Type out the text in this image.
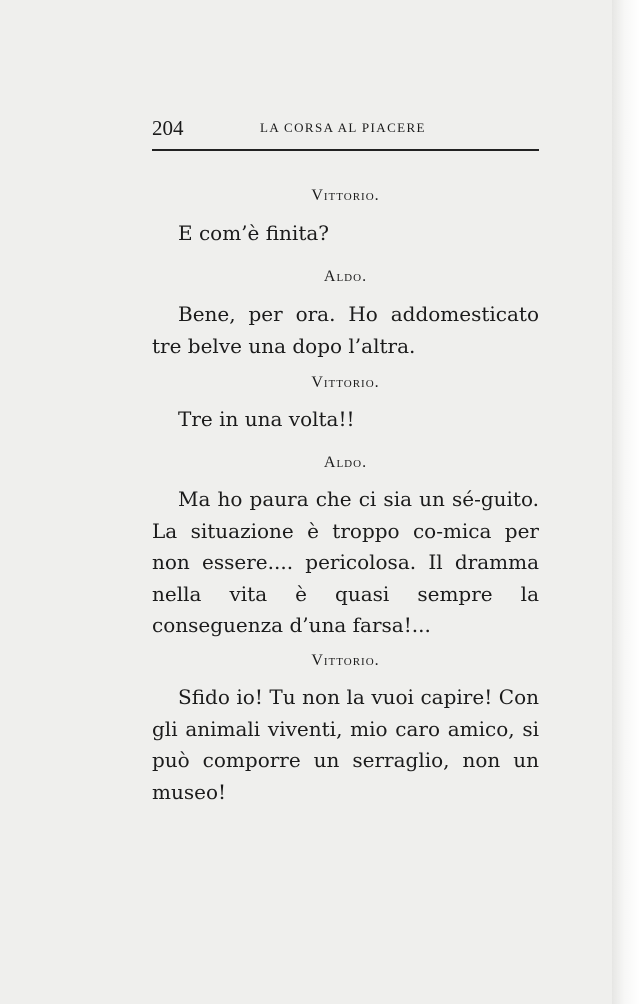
204	LA CORSA AL PIACERE
Vittorio.
E com’è finita?
Aldo.
Bene, per ora. Ho addomesticato tre belve una dopo l’altra.
Vittorio.
Tre in una volta!!
Aldo.
Ma ho paura che ci sia un sé-guito. La situazione è troppo co-mica per non essere.... pericolosa. Il dramma nella vita è quasi sempre la conseguenza d’una farsa!...
Vittorio.
Sfido io! Tu non la vuoi capire! Con gli animali viventi, mio caro amico, si può comporre un serraglio, non un museo!
